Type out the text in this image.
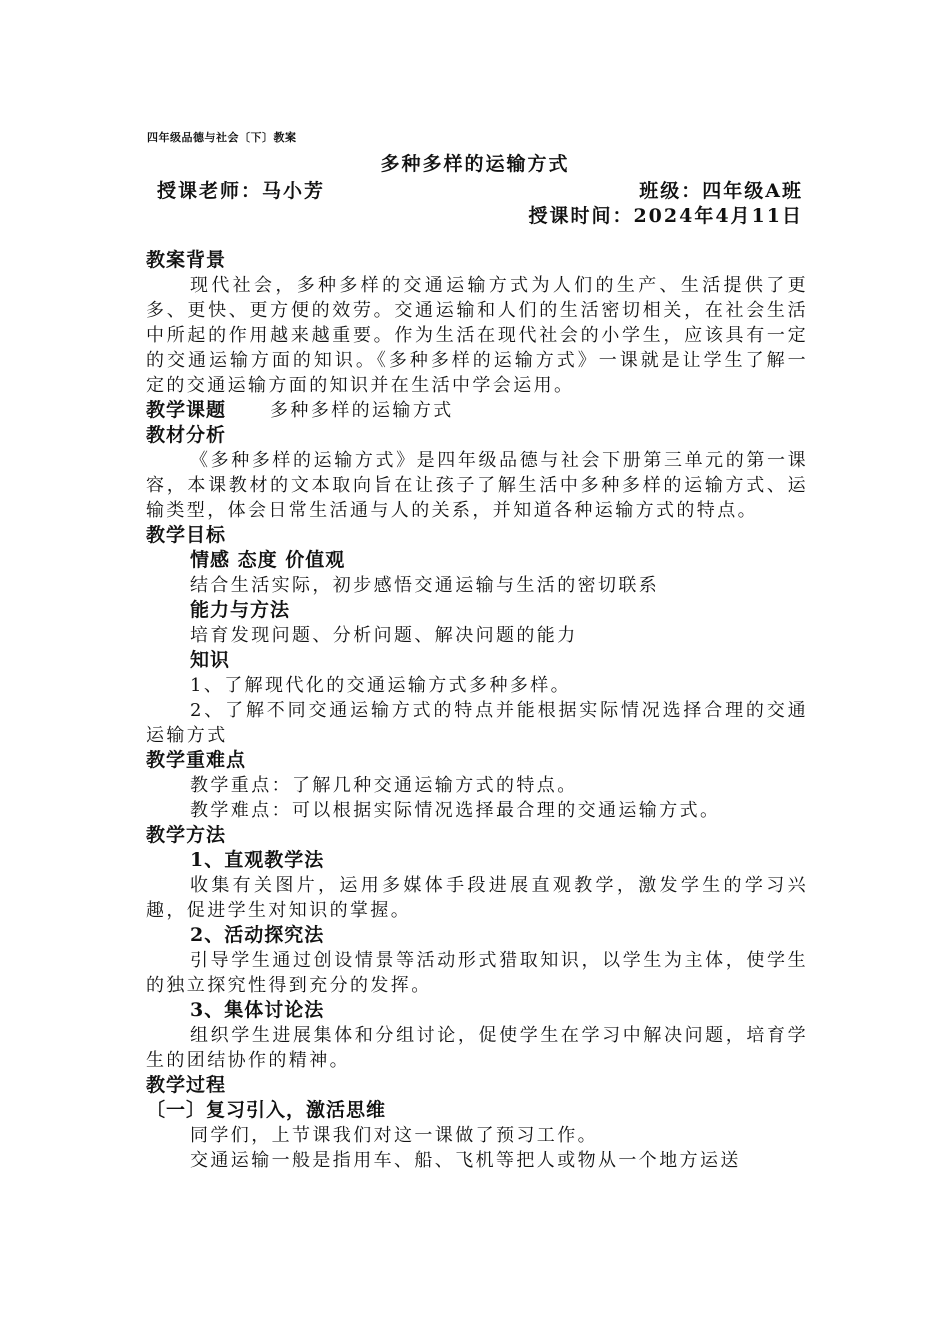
四年级品德与社会〔下〕教案
多种多样的运输方式
授课老师：马小芳	班级：四年级A班
授课时间：2024年4月11日
教案背景
现代社会，多种多样的交通运输方式为人们的生产、生活提供了更多、更快、更方便的效劳。交通运输和人们的生活密切相关，在社会生活中所起的作用越来越重要。作为生活在现代社会的小学生，应该具有一定的交通运输方面的知识。《多种多样的运输方式》一课就是让学生了解一定的交通运输方面的知识并在生活中学会运用。
教学课题 多种多样的运输方式
教材分析
《多种多样的运输方式》是四年级品德与社会下册第三单元的第一课容，本课教材的文本取向旨在让孩子了解生活中多种多样的运输方式、运输类型，体会日常生活通与人的关系，并知道各种运输方式的特点。
教学目标
情感 态度 价值观
结合生活实际，初步感悟交通运输与生活的密切联系
能力与方法
培育发现问题、分析问题、解决问题的能力
知识
1、了解现代化的交通运输方式多种多样。
2、了解不同交通运输方式的特点并能根据实际情况选择合理的交通运输方式
教学重难点
教学重点：了解几种交通运输方式的特点。
教学难点：可以根据实际情况选择最合理的交通运输方式。
教学方法
1、直观教学法
收集有关图片，运用多媒体手段进展直观教学，激发学生的学习兴趣，促进学生对知识的掌握。
2、活动探究法
引导学生通过创设情景等活动形式猎取知识，以学生为主体，使学生的独立探究性得到充分的发挥。
3、集体讨论法
组织学生进展集体和分组讨论，促使学生在学习中解决问题，培育学生的团结协作的精神。
教学过程
〔一〕复习引入，激活思维
同学们，上节课我们对这一课做了预习工作。
交通运输一般是指用车、船、飞机等把人或物从一个地方运送
